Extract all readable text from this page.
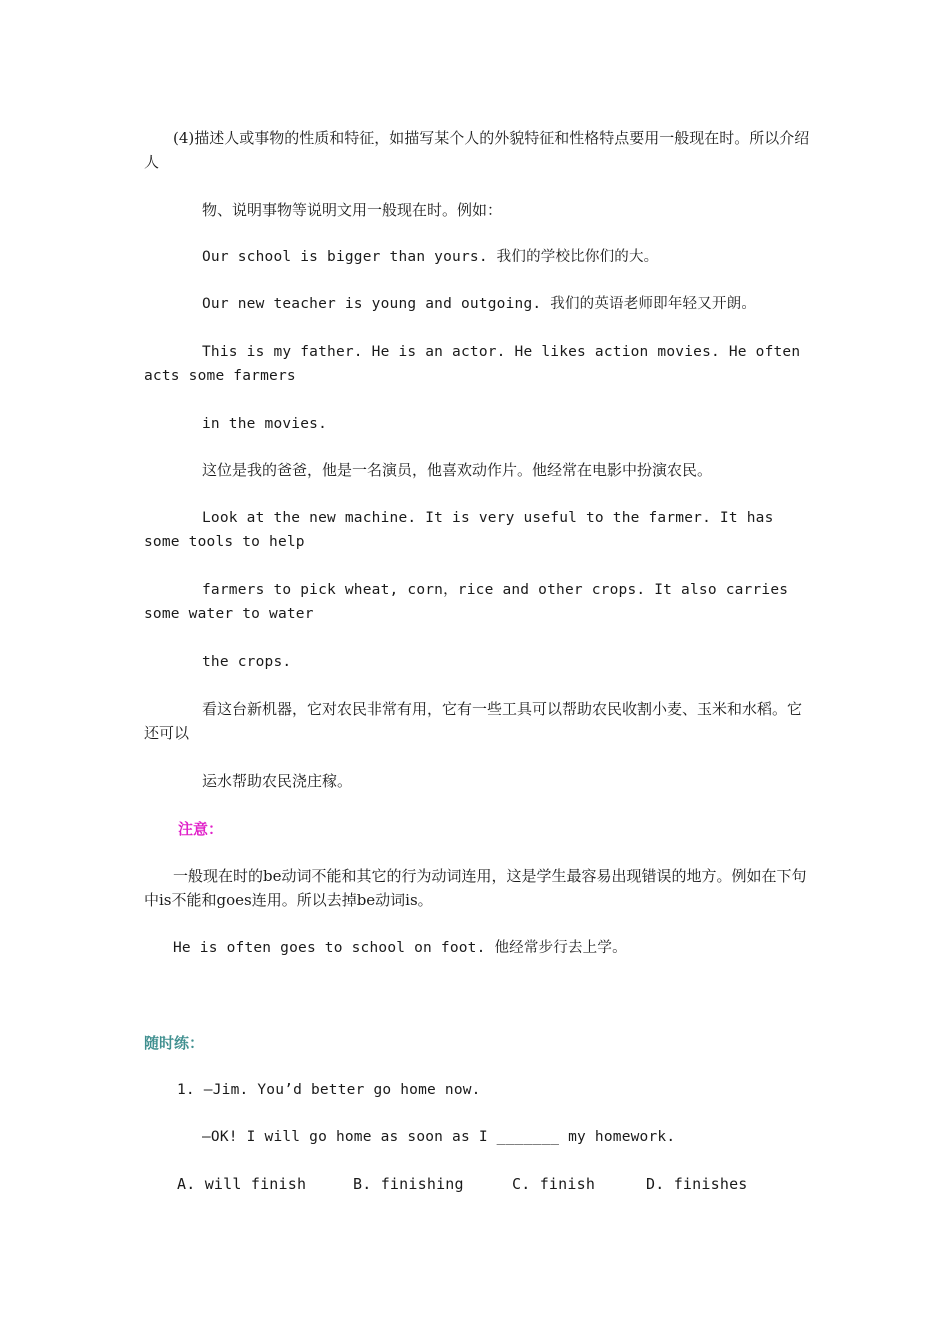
(4)描述人或事物的性质和特征，如描写某个人的外貌特征和性格特点要用一般现在时。所以介绍人
物、说明事物等说明文用一般现在时。例如：
Our school is bigger than yours. 我们的学校比你们的大。
Our new teacher is young and outgoing. 我们的英语老师即年轻又开朗。
This is my father. He is an actor. He likes action movies. He often acts some farmers
in the movies.
这位是我的爸爸，他是一名演员，他喜欢动作片。他经常在电影中扮演农民。
Look at the new machine. It is very useful to the farmer. It has some tools to help
farmers to pick wheat, corn，rice and other crops. It also carries some water to water
the crops.
看这台新机器，它对农民非常有用，它有一些工具可以帮助农民收割小麦、玉米和水稻。它还可以
运水帮助农民浇庄稼。
注意：
一般现在时的be动词不能和其它的行为动词连用，这是学生最容易出现错误的地方。例如在下句中is不能和goes连用。所以去掉be动词is。
He is often goes to school on foot. 他经常步行去上学。
随时练：
1. —Jim. You’d better go home now.
—OK! I will go home as soon as I _______ my homework.
A. will finish	B. finishing	C. finish	D. finishes
